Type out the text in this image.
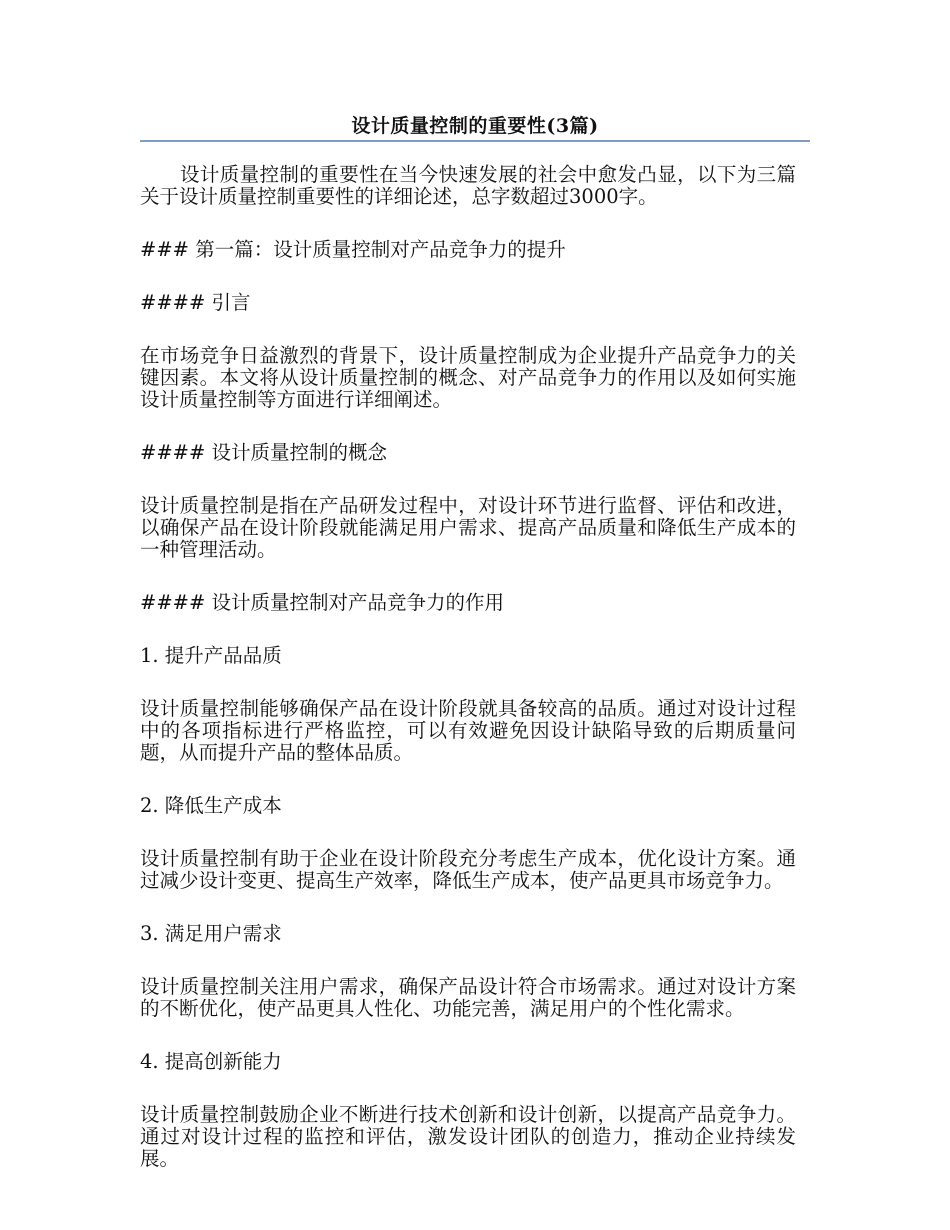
设计质量控制的重要性(3篇)

设计质量控制的重要性在当今快速发展的社会中愈发凸显，以下为三篇关于设计质量控制重要性的详细论述，总字数超过3000字。

### 第一篇：设计质量控制对产品竞争力的提升
#### 引言

在市场竞争日益激烈的背景下，设计质量控制成为企业提升产品竞争力的关键因素。本文将从设计质量控制的概念、对产品竞争力的作用以及如何实施设计质量控制等方面进行详细阐述。

#### 设计质量控制的概念

设计质量控制是指在产品研发过程中，对设计环节进行监督、评估和改进，以确保产品在设计阶段就能满足用户需求、提高产品质量和降低生产成本的一种管理活动。

#### 设计质量控制对产品竞争力的作用
1. 提升产品品质

设计质量控制能够确保产品在设计阶段就具备较高的品质。通过对设计过程中的各项指标进行严格监控，可以有效避免因设计缺陷导致的后期质量问题，从而提升产品的整体品质。

2. 降低生产成本

设计质量控制有助于企业在设计阶段充分考虑生产成本，优化设计方案。通过减少设计变更、提高生产效率，降低生产成本，使产品更具市场竞争力。

3. 满足用户需求

设计质量控制关注用户需求，确保产品设计符合市场需求。通过对设计方案的不断优化，使产品更具人性化、功能完善，满足用户的个性化需求。

4. 提高创新能力

设计质量控制鼓励企业不断进行技术创新和设计创新，以提高产品竞争力。通过对设计过程的监控和评估，激发设计团队的创造力，推动企业持续发展。
